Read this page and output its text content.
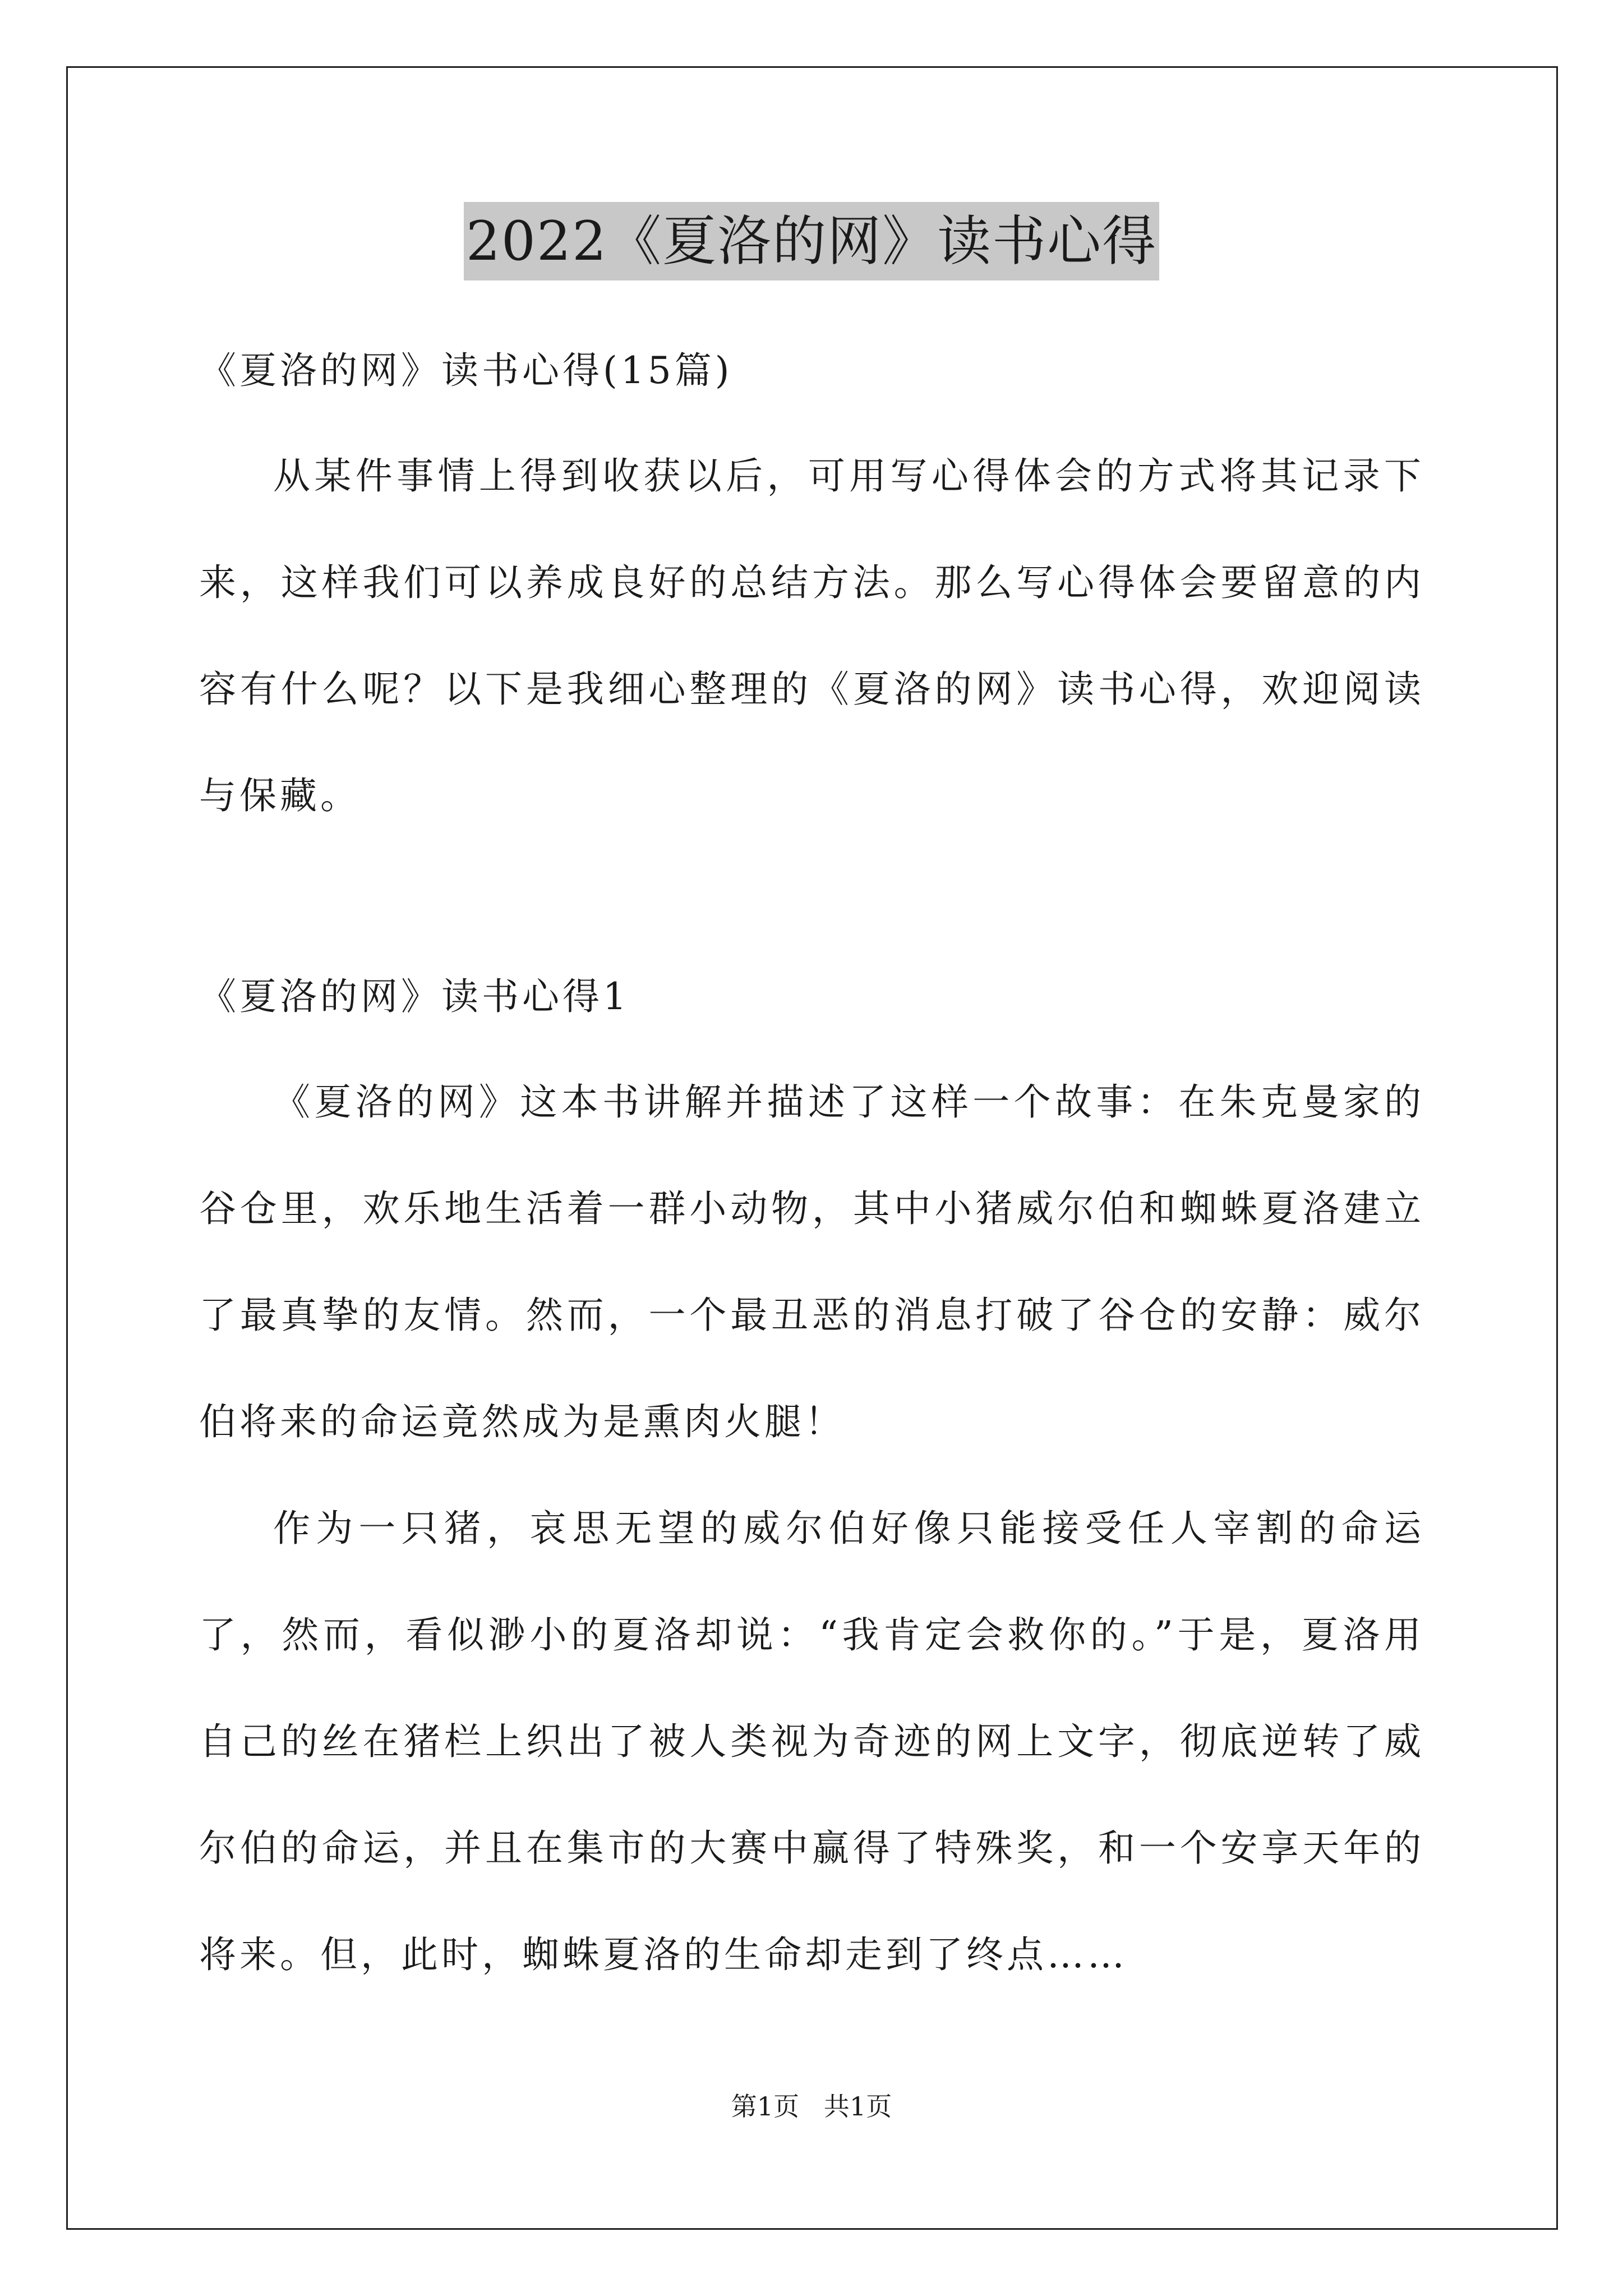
2022《夏洛的网》读书心得
《夏洛的网》读书心得(15篇)

从某件事情上得到收获以后，可用写心得体会的方式将其记录下来，这样我们可以养成良好的总结方法。那么写心得体会要留意的内容有什么呢？以下是我细心整理的《夏洛的网》读书心得，欢迎阅读与保藏。

《夏洛的网》读书心得1

《夏洛的网》这本书讲解并描述了这样一个故事：在朱克曼家的谷仓里，欢乐地生活着一群小动物，其中小猪威尔伯和蜘蛛夏洛建立了最真挚的友情。然而，一个最丑恶的消息打破了谷仓的安静：威尔伯将来的命运竟然成为是熏肉火腿！

作为一只猪，哀思无望的威尔伯好像只能接受任人宰割的命运了，然而，看似渺小的夏洛却说：“我肯定会救你的。”于是，夏洛用自己的丝在猪栏上织出了被人类视为奇迹的网上文字，彻底逆转了威尔伯的命运，并且在集市的大赛中赢得了特殊奖，和一个安享天年的将来。但，此时，蜘蛛夏洛的生命却走到了终点……

第1页   共1页
